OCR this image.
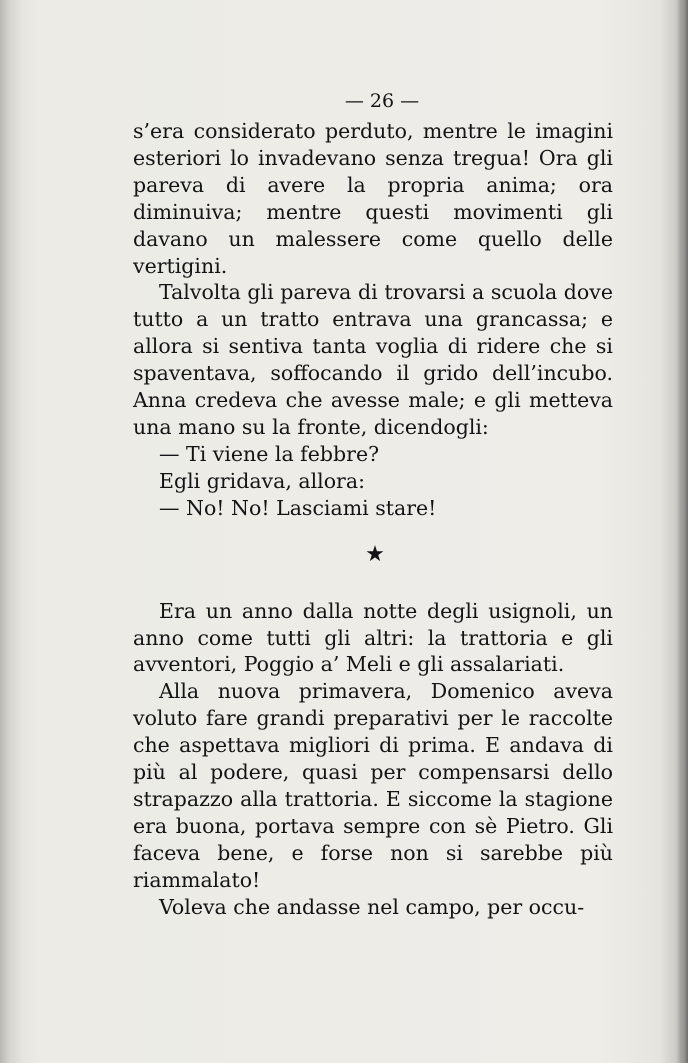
— 26 —

s’era considerato perduto, mentre le imagini esteriori lo invadevano senza tregua! Ora gli pareva di avere la propria anima; ora diminuiva; mentre questi movimenti gli davano un malessere come quello delle vertigini.

Talvolta gli pareva di trovarsi a scuola dove tutto a un tratto entrava una grancassa; e allora si sentiva tanta voglia di ridere che si spaventava, soffocando il grido dell’incubo. Anna credeva che avesse male; e gli metteva una mano su la fronte, dicendogli:

— Ti viene la febbre?

Egli gridava, allora:

— No! No! Lasciami stare!

★

Era un anno dalla notte degli usignoli, un anno come tutti gli altri: la trattoria e gli avventori, Poggio a’ Meli e gli assalariati.

Alla nuova primavera, Domenico aveva voluto fare grandi preparativi per le raccolte che aspettava migliori di prima. E andava di più al podere, quasi per compensarsi dello strapazzo alla trattoria. E siccome la stagione era buona, portava sempre con sè Pietro. Gli faceva bene, e forse non si sarebbe più riammalato!

Voleva che andasse nel campo, per occu-
